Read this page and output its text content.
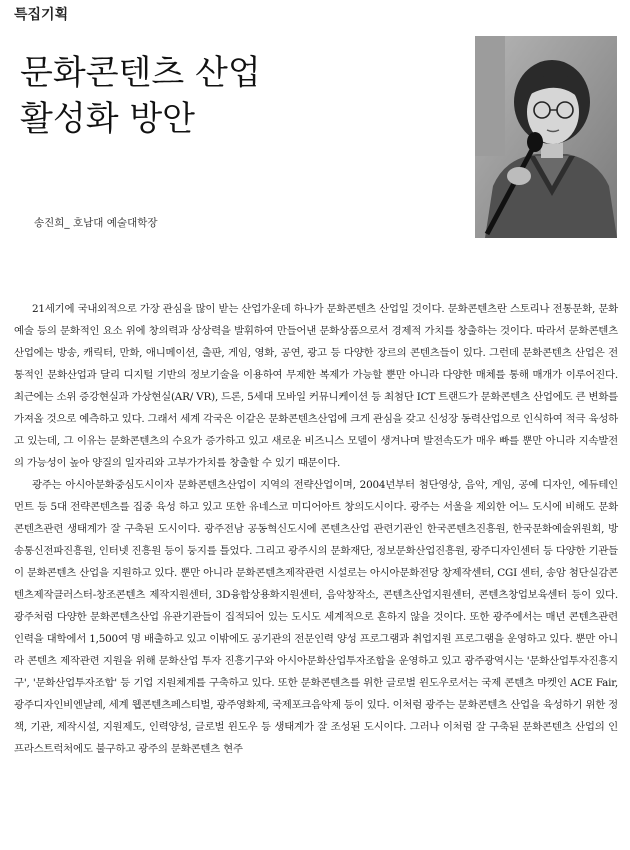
특집기획
문화콘텐츠 산업
활성화 방안
송진희_ 호남대 예술대학장

21세기에 국내외적으로 가장 관심을 많이 받는 산업가운데 하나가 문화콘텐츠 산업일 것이다. 문화콘텐츠란 스토리나 전통문화, 문화예술 등의 문화적인 요소 위에 창의력과 상상력을 발휘하여 만들어낸 문화상품으로서 경제적 가치를 창출하는 것이다. 따라서 문화콘텐츠 산업에는 방송, 캐릭터, 만화, 애니메이션, 출판, 게임, 영화, 공연, 광고 등 다양한 장르의 콘텐츠들이 있다. 그런데 문화콘텐츠 산업은 전통적인 문화산업과 달리 디지털 기반의 정보기술을 이용하여 무제한 복제가 가능할 뿐만 아니라 다양한 매체를 통해 매개가 이루어진다. 최근에는 소위 증강현실과 가상현실(AR/ VR), 드론, 5세대 모바일 커뮤니케이션 등 최첨단 ICT 트랜드가 문화콘텐츠 산업에도 큰 변화를 가져올 것으로 예측하고 있다. 그래서 세계 각국은 이같은 문화콘텐츠산업에 크게 관심을 갖고 신성장 동력산업으로 인식하여 적극 육성하고 있는데, 그 이유는 문화콘텐츠의 수요가 증가하고 있고 새로운 비즈니스 모델이 생겨나며 발전속도가 매우 빠를 뿐만 아니라 지속발전의 가능성이 높아 양질의 일자리와 고부가가치를 창출할 수 있기 때문이다.

광주는 아시아문화중심도시이자 문화콘텐츠산업이 지역의 전략산업이며, 2004년부터 첨단영상, 음악, 게임, 공예 디자인, 에듀테인먼트 등 5대 전략콘텐츠를 집중 육성 하고 있고 또한 유네스코 미디어아트 창의도시이다. 광주는 서울을 제외한 어느 도시에 비해도 문화콘텐츠관련 생태계가 잘 구축된 도시이다. 광주전남 공동혁신도시에 콘텐츠산업 관련기관인 한국콘텐츠진흥원, 한국문화예술위원회, 방송통신전파진흥원, 인터넷 진흥원 등이 둥지를 틀었다. 그리고 광주시의 문화재단, 정보문화산업진흥원, 광주디자인센터 등 다양한 기관들이 문화콘텐츠 산업을 지원하고 있다. 뿐만 아니라 문화콘텐츠제작관련 시설로는 아시아문화전당 창제작센터, CGI 센터, 송암 첨단실감콘텐츠제작클러스터-창조콘텐츠 제작지원센터, 3D융합상용화지원센터, 음악창작소, 콘텐츠산업지원센터, 콘텐츠창업보육센터 등이 있다. 광주처럼 다양한 문화콘텐츠산업 유관기관들이 집적되어 있는 도시도 세계적으로 흔하지 않을 것이다. 또한 광주에서는 매년 콘텐츠관련 인력을 대학에서 1,500여 명 배출하고 있고 이밖에도 공기관의 전문인력 양성 프로그램과 취업지원 프로그램을 운영하고 있다. 뿐만 아니라 콘텐츠 제작관련 지원을 위해 문화산업 투자 진흥기구와 아시아문화산업투자조합을 운영하고 있고 광주광역시는 '문화산업투자진흥지구', '문화산업투자조합' 등 기업 지원체계를 구축하고 있다. 또한 문화콘텐츠를 위한 글로벌 윈도우로서는 국제 콘텐츠 마켓인 ACE Fair, 광주디자인비엔날레, 세계 웹콘텐츠페스티벌, 광주영화제, 국제포크음악제 등이 있다. 이처럼 광주는 문화콘텐츠 산업을 육성하기 위한 정책, 기관, 제작시설, 지원제도, 인력양성, 글로벌 윈도우 등 생태계가 잘 조성된 도시이다. 그러나 이처럼 잘 구축된 문화콘텐츠 산업의 인프라스트럭처에도 불구하고 광주의 문화콘텐츠 현주
